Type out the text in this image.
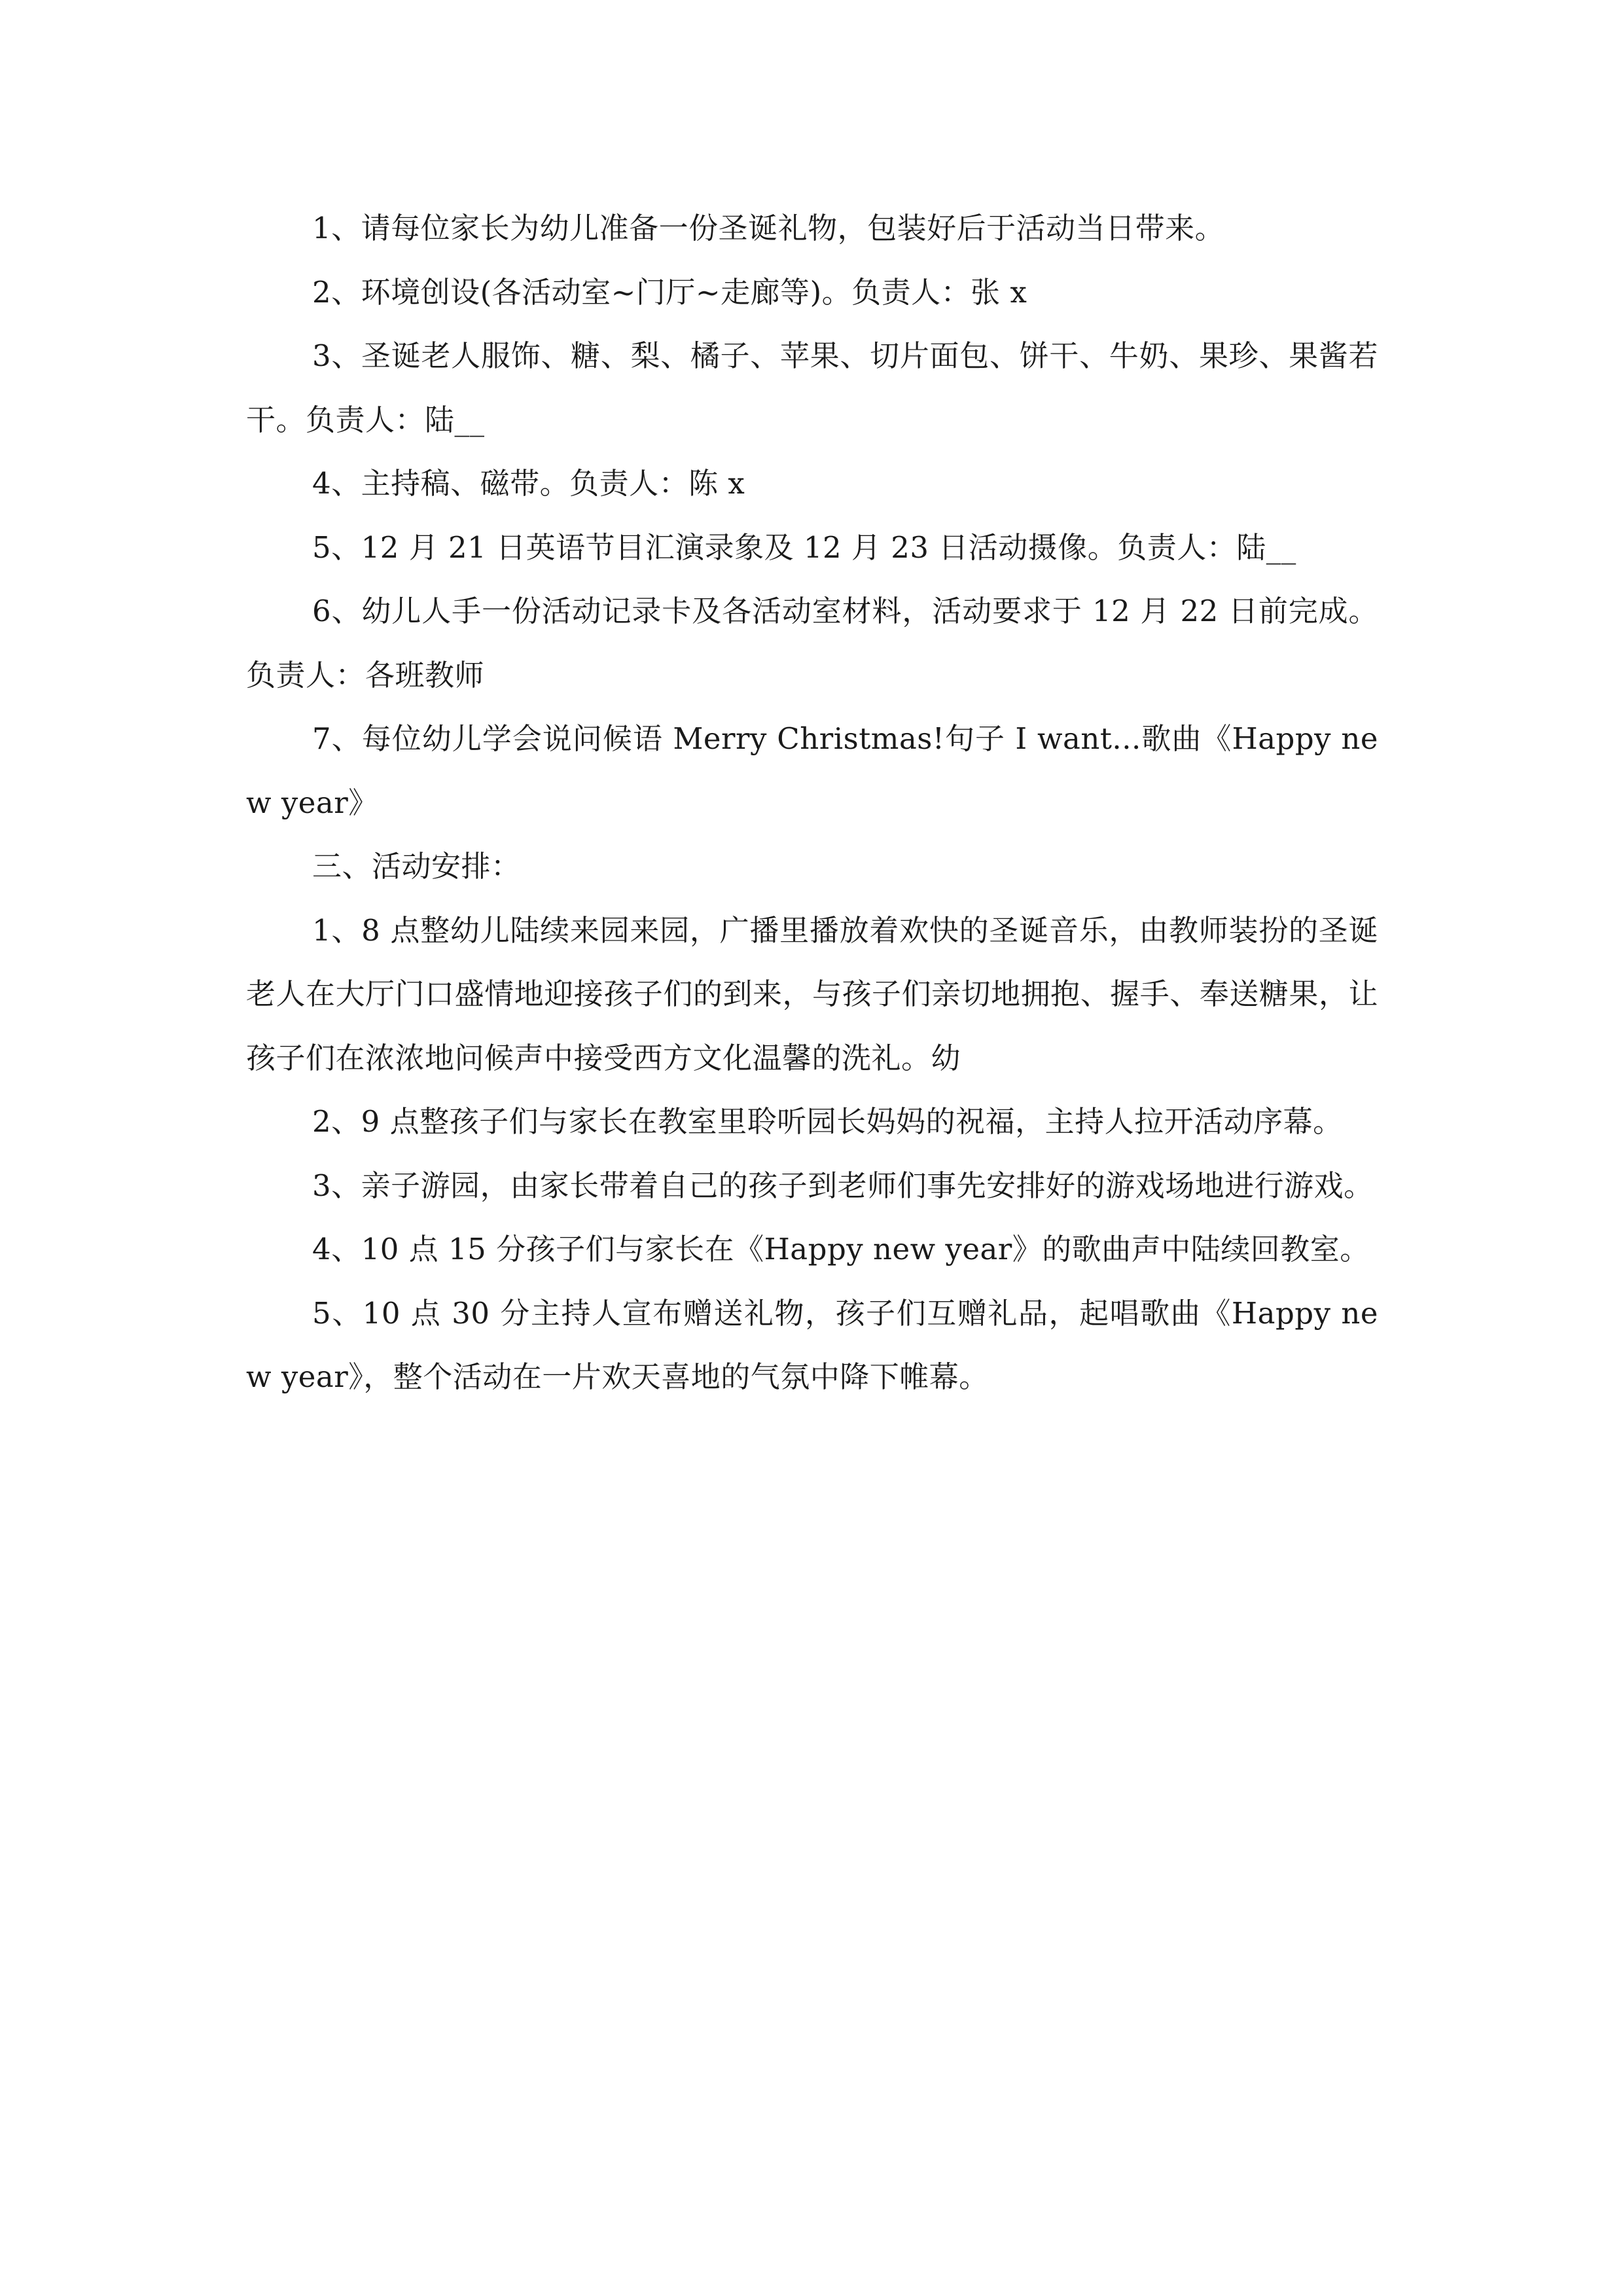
1、请每位家长为幼儿准备一份圣诞礼物，包装好后于活动当日带来。

2、环境创设(各活动室~门厅~走廊等)。负责人：张 x

3、圣诞老人服饰、糖、梨、橘子、苹果、切片面包、饼干、牛奶、果珍、果酱若干。负责人：陆__

4、主持稿、磁带。负责人：陈 x

5、12 月 21 日英语节目汇演录象及 12 月 23 日活动摄像。负责人：陆__

6、幼儿人手一份活动记录卡及各活动室材料，活动要求于 12 月 22 日前完成。负责人：各班教师

7、每位幼儿学会说问候语 Merry Christmas!句子 I want...歌曲《Happy new year》

三、活动安排：

1、8 点整幼儿陆续来园来园，广播里播放着欢快的圣诞音乐，由教师装扮的圣诞老人在大厅门口盛情地迎接孩子们的到来，与孩子们亲切地拥抱、握手、奉送糖果，让孩子们在浓浓地问候声中接受西方文化温馨的洗礼。幼

2、9 点整孩子们与家长在教室里聆听园长妈妈的祝福，主持人拉开活动序幕。

3、亲子游园，由家长带着自己的孩子到老师们事先安排好的游戏场地进行游戏。

4、10 点 15 分孩子们与家长在《Happy new year》的歌曲声中陆续回教室。

5、10 点 30 分主持人宣布赠送礼物，孩子们互赠礼品，起唱歌曲《Happy new year》，整个活动在一片欢天喜地的气氛中降下帷幕。
